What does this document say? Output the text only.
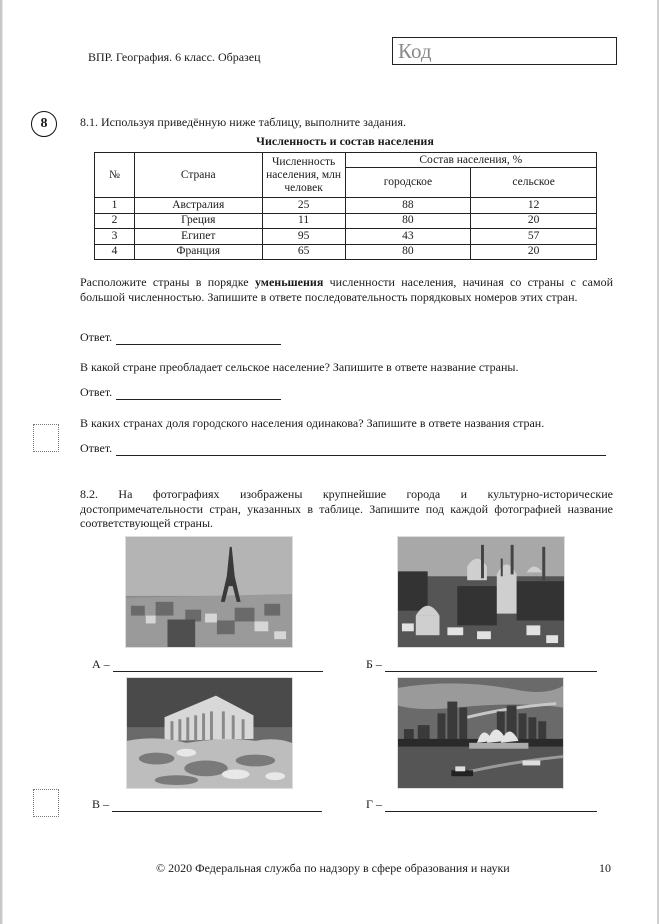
ВПР. География. 6 класс. Образец	Код
8	8.1. Используя приведённую ниже таблицу, выполните задания.
Численность и состав населения
№	Страна	Численность населения, млн человек	Состав населения, %	
			городское	сельское
1	Австралия	25	88	12
2	Греция	11	80	20
3	Египет	95	43	57
4	Франция	65	80	20
Расположите страны в порядке уменьшения численности населения, начиная со страны с самой большой численностью. Запишите в ответе последовательность порядковых номеров этих стран.
Ответ.
В какой стране преобладает сельское население? Запишите в ответе название страны.
Ответ.
В каких странах доля городского населения одинакова? Запишите в ответе названия стран.
Ответ.
8.2. На фотографиях изображены крупнейшие города и культурно-исторические достопримечательности стран, указанных в таблице. Запишите под каждой фотографией название соответствующей страны.
А –	Б –
В –	Г –
© 2020 Федеральная служба по надзору в сфере образования и науки	10
